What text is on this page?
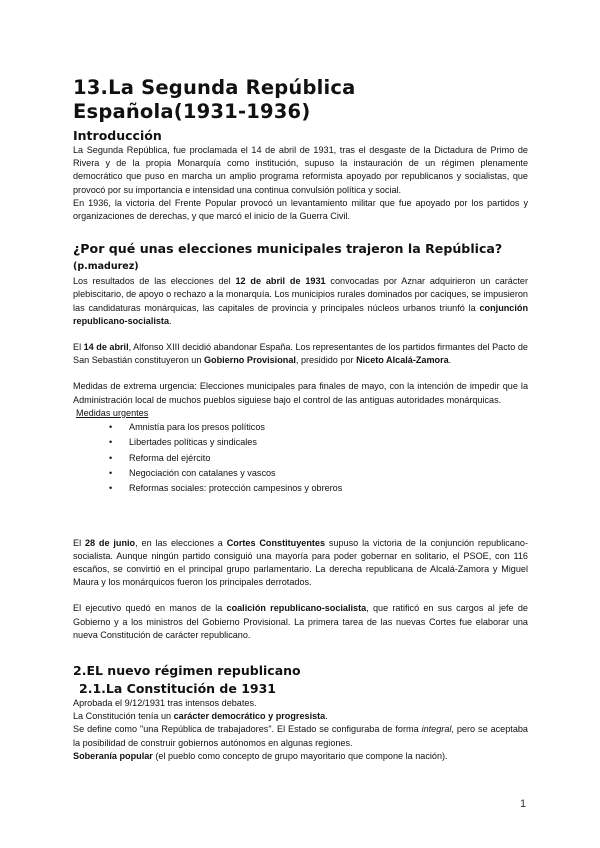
13.La Segunda República Española(1931-1936)
Introducción

La Segunda República, fue proclamada el 14 de abril de 1931, tras el desgaste de la Dictadura de Primo de Rivera y de la propia Monarquía como institución, supuso la instauración de un régimen plenamente democrático que puso en marcha un amplio programa reformista apoyado por republicanos y socialistas, que provocó por su importancia e intensidad una continua convulsión política y social.

En 1936, la victoria del Frente Popular provocó un levantamiento militar que fue apoyado por los partidos y organizaciones de derechas, y que marcó el inicio de la Guerra Civil.

¿Por qué unas elecciones municipales trajeron la República?(p.madurez)

Los resultados de las elecciones del 12 de abril de 1931 convocadas por Aznar adquirieron un carácter plebiscitario, de apoyo o rechazo a la monarquía. Los municipios rurales dominados por caciques, se impusieron las candidaturas monárquicas, las capitales de provincia y principales núcleos urbanos triunfó la conjunción republicano-socialista.

El 14 de abril, Alfonso XIII decidió abandonar España. Los representantes de los partidos firmantes del Pacto de San Sebastián constituyeron un Gobierno Provisional, presidido por Niceto Alcalá-Zamora.

Medidas de extrema urgencia: Elecciones municipales para finales de mayo, con la intención de impedir que la Administración local de muchos pueblos siguiese bajo el control de las antiguas autoridades monárquicas.

Medidas urgentes

• Amnistía para los presos políticos
• Libertades políticas y sindicales
• Reforma del ejército
• Negociación con catalanes y vascos
• Reformas sociales: protección campesinos y obreros

El 28 de junio, en las elecciones a Cortes Constituyentes supuso la victoria de la conjunción republicano-socialista. Aunque ningún partido consiguió una mayoría para poder gobernar en solitario, el PSOE, con 116 escaños, se convirtió en el principal grupo parlamentario. La derecha republicana de Alcalá-Zamora y Miguel Maura y los monárquicos fueron los principales derrotados.

El ejecutivo quedó en manos de la coalición republicano-socialista, que ratificó en sus cargos al jefe de Gobierno y a los ministros del Gobierno Provisional. La primera tarea de las nuevas Cortes fue elaborar una nueva Constitución de carácter republicano.

2.EL nuevo régimen republicano
2.1.La Constitución de 1931

Aprobada el 9/12/1931 tras intensos debates.

La Constitución tenía un carácter democrático y progresista.

Se define como "una República de trabajadores". El Estado se configuraba de forma integral, pero se aceptaba la posibilidad de construir gobiernos autónomos en algunas regiones.

Soberanía popular (el pueblo como concepto de grupo mayoritario que compone la nación).

1
